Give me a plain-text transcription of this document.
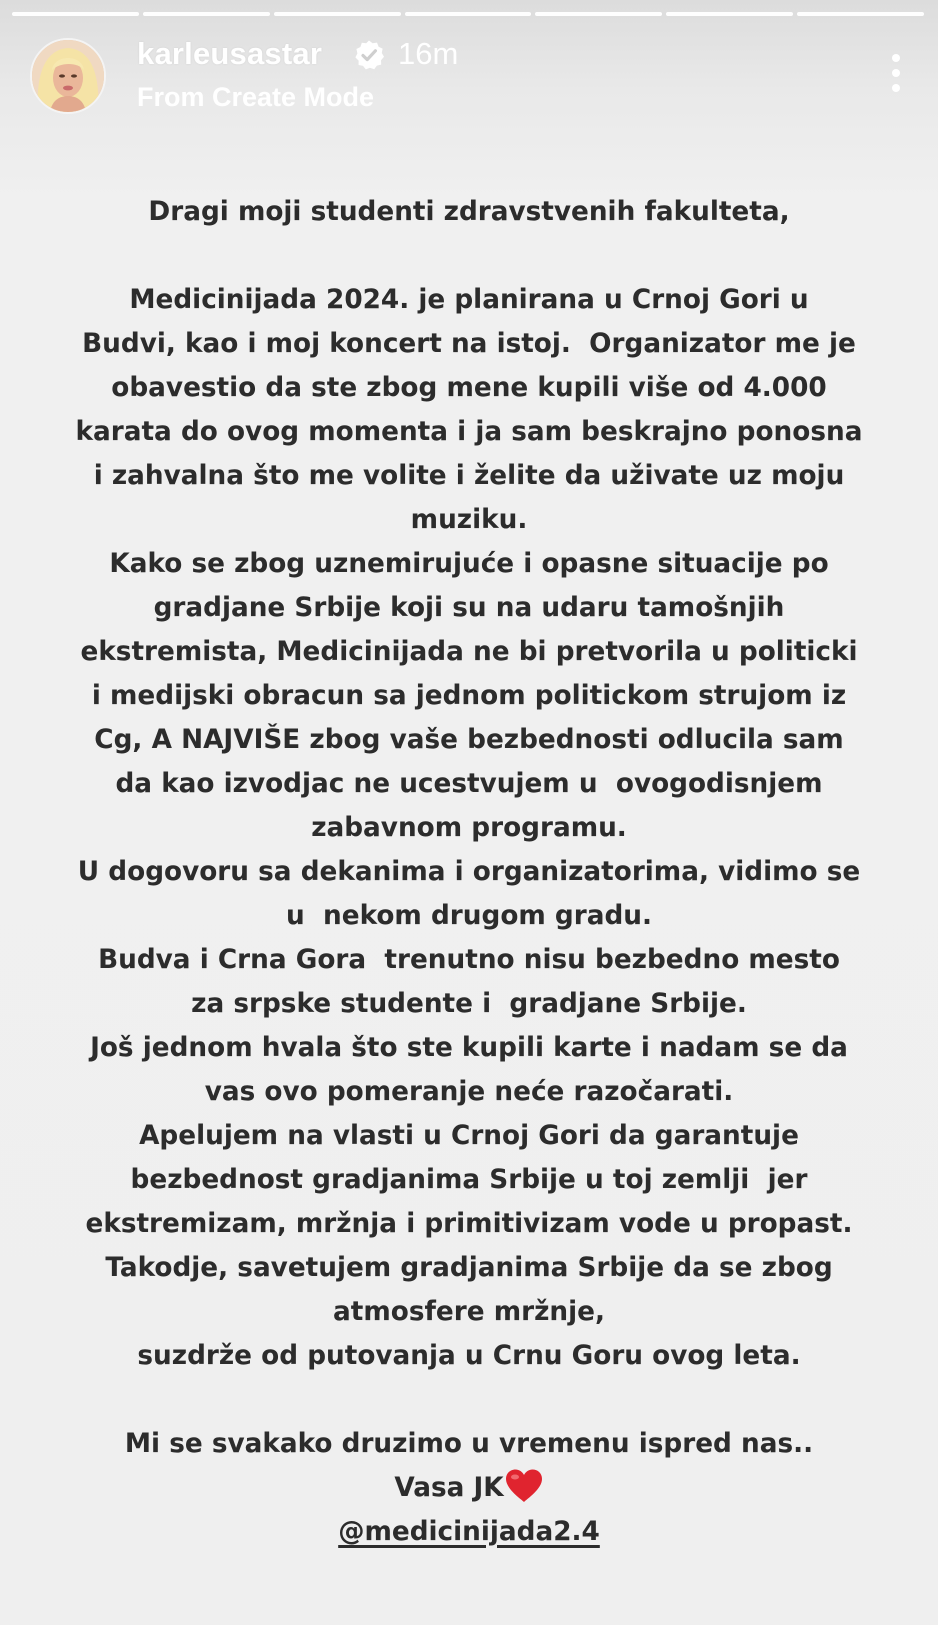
karleusastar 16m
From Create Mode
Dragi moji studenti zdravstvenih fakulteta,
Medicinijada 2024. je planirana u Crnoj Gori u
Budvi, kao i moj koncert na istoj.  Organizator me je
obavestio da ste zbog mene kupili više od 4.000
karata do ovog momenta i ja sam beskrajno ponosna
i zahvalna što me volite i želite da uživate uz moju
muziku.
Kako se zbog uznemirujuće i opasne situacije po
gradjane Srbije koji su na udaru tamošnjih
ekstremista, Medicinijada ne bi pretvorila u politicki
i medijski obracun sa jednom politickom strujom iz
Cg, A NAJVIŠE zbog vaše bezbednosti odlucila sam
da kao izvodjac ne ucestvujem u  ovogodisnjem
zabavnom programu.
U dogovoru sa dekanima i organizatorima, vidimo se
u  nekom drugom gradu.
Budva i Crna Gora  trenutno nisu bezbedno mesto
za srpske studente i  gradjane Srbije.
Još jednom hvala što ste kupili karte i nadam se da
vas ovo pomeranje neće razočarati.
Apelujem na vlasti u Crnoj Gori da garantuje
bezbednost gradjanima Srbije u toj zemlji  jer
ekstremizam, mržnja i primitivizam vode u propast.
Takodje, savetujem gradjanima Srbije da se zbog
atmosfere mržnje,
suzdrže od putovanja u Crnu Goru ovog leta.
Mi se svakako druzimo u vremenu ispred nas..
Vasa JK
@medicinijada2.4
